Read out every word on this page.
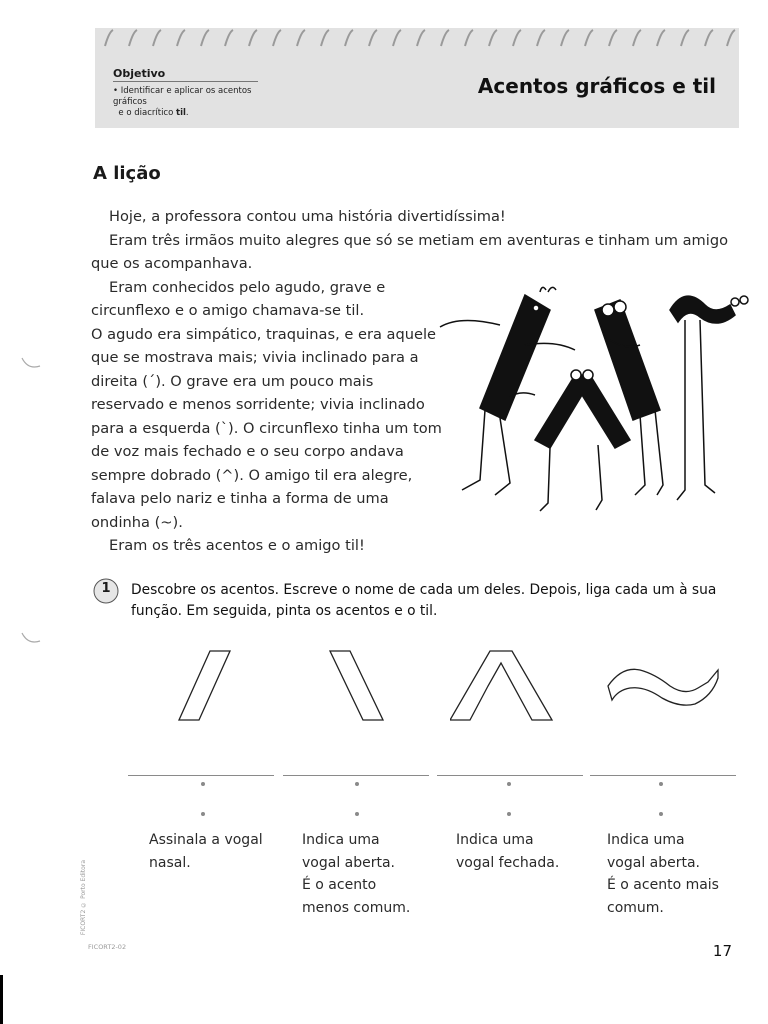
Objetivo
• Identificar e aplicar os acentos gráficos
e o diacrítico til.
Acentos gráficos e til
A lição

Hoje, a professora contou uma história divertidíssima!

Eram três irmãos muito alegres que só se metiam em aventuras e tinham um amigo que os acompanhava.

Eram conhecidos pelo agudo, grave e circunflexo e o amigo chamava-se til.

O agudo era simpático, traquinas, e era aquele que se mostrava mais; vivia inclinado para a direita (´). O grave era um pouco mais reservado e menos sorridente; vivia inclinado para a esquerda (`). O circunflexo tinha um tom de voz mais fechado e o seu corpo andava sempre dobrado (^). O amigo til era alegre, falava pelo nariz e tinha a forma de uma ondinha (~).

Eram os três acentos e o amigo til!

1	Descobre os acentos. Escreve o nome de cada um deles. Depois, liga cada um à sua função. Em seguida, pinta os acentos e o til.
Assinala a vogal
nasal.
Indica uma
vogal aberta.
É o acento
menos comum.
Indica uma
vogal fechada.
Indica uma
vogal aberta.
É o acento mais
comum.
FICORT2 © Porto Editora
FICORT2-02	17
